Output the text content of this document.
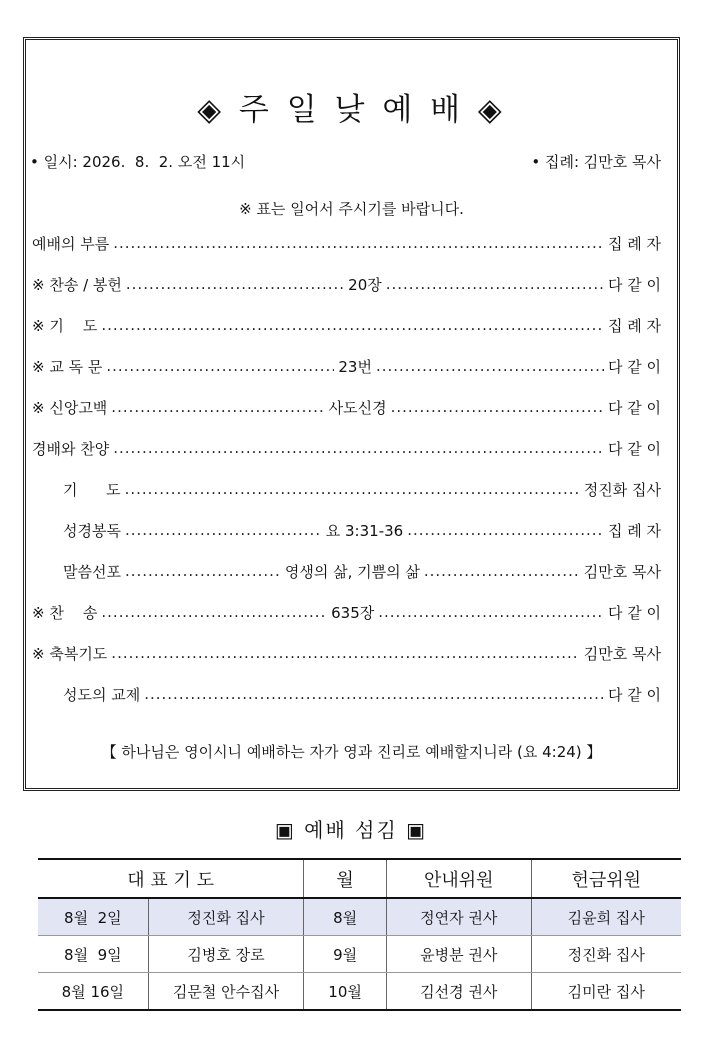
◈ 주 일 낮 예 배 ◈
• 일시: 2026.  8.  2. 오전 11시	• 집례: 김만호 목사
※ 표는 일어서 주시기를 바랍니다.
예배의 부름 .....	집 례 자
※ 찬송 / 봉헌 .....	20장 .....	다 같 이
※ 기    도 .....	집 례 자
※ 교 독 문 .....	23번 .....	다 같 이
※ 신앙고백 .....	사도신경 .....	다 같 이
경배와 찬양 .....	다 같 이
기      도 .....	정진화 집사
성경봉독 .....	요 3:31-36 .....	집 례 자
말씀선포 .....	영생의 삶, 기쁨의 삶 .....	김만호 목사
※ 찬    송 .....	635장 .....	다 같 이
※ 축복기도 .....	김만호 목사
성도의 교제 .....	다 같 이
【 하나님은 영이시니 예배하는 자가 영과 진리로 예배할지니라 (요 4:24) 】
▣ 예배 섬김 ▣
대 표 기 도		월	안내위원	헌금위원
8월  2일	정진화 집사	8월	정연자 권사	김윤희 집사
8월  9일	김병호 장로	9월	윤병분 권사	정진화 집사
8월 16일	김문철 안수집사	10월	김선경 권사	김미란 집사
